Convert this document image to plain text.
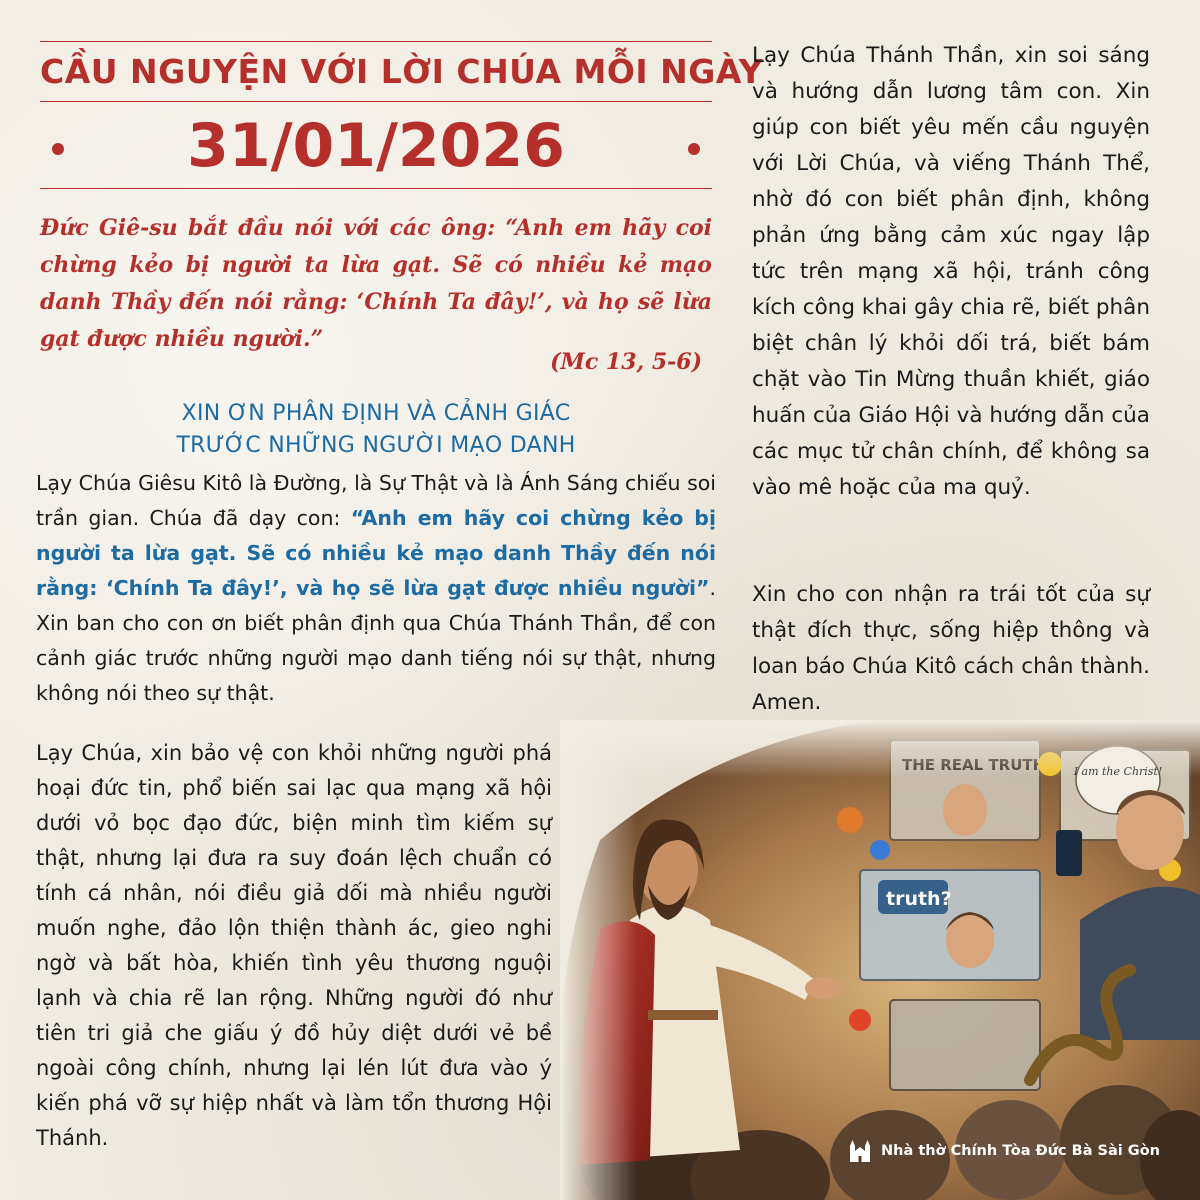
CẦU NGUYỆN VỚI LỜI CHÚA MỖI NGÀY
31/01/2026
Đức Giê-su bắt đầu nói với các ông: “Anh em hãy coi chừng kẻo bị người ta lừa gạt. Sẽ có nhiều kẻ mạo danh Thầy đến nói rằng: ‘Chính Ta đây!’, và họ sẽ lừa gạt được nhiều người.”
(Mc 13, 5-6)
XIN ƠN PHÂN ĐỊNH VÀ CẢNH GIÁC
TRƯỚC NHỮNG NGƯỜI MẠO DANH
Lạy Chúa Giêsu Kitô là Đường, là Sự Thật và là Ánh Sáng chiếu soi trần gian. Chúa đã dạy con: “Anh em hãy coi chừng kẻo bị người ta lừa gạt. Sẽ có nhiều kẻ mạo danh Thầy đến nói rằng: ‘Chính Ta đây!’, và họ sẽ lừa gạt được nhiều người”. Xin ban cho con ơn biết phân định qua Chúa Thánh Thần, để con cảnh giác trước những người mạo danh tiếng nói sự thật, nhưng không nói theo sự thật.
Lạy Chúa, xin bảo vệ con khỏi những người phá hoại đức tin, phổ biến sai lạc qua mạng xã hội dưới vỏ bọc đạo đức, biện minh tìm kiếm sự thật, nhưng lại đưa ra suy đoán lệch chuẩn có tính cá nhân, nói điều giả dối mà nhiều người muốn nghe, đảo lộn thiện thành ác, gieo nghi ngờ và bất hòa, khiến tình yêu thương nguội lạnh và chia rẽ lan rộng. Những người đó như tiên tri giả che giấu ý đồ hủy diệt dưới vẻ bề ngoài công chính, nhưng lại lén lút đưa vào ý kiến phá vỡ sự hiệp nhất và làm tổn thương Hội Thánh.
Lạy Chúa Thánh Thần, xin soi sáng và hướng dẫn lương tâm con. Xin giúp con biết yêu mến cầu nguyện với Lời Chúa, và viếng Thánh Thể, nhờ đó con biết phân định, không phản ứng bằng cảm xúc ngay lập tức trên mạng xã hội, tránh công kích công khai gây chia rẽ, biết phân biệt chân lý khỏi dối trá, biết bám chặt vào Tin Mừng thuần khiết, giáo huấn của Giáo Hội và hướng dẫn của các mục tử chân chính, để không sa vào mê hoặc của ma quỷ.
Xin cho con nhận ra trái tốt của sự thật đích thực, sống hiệp thông và loan báo Chúa Kitô cách chân thành. Amen.
Nhà thờ Chính Tòa Đức Bà Sài Gòn
